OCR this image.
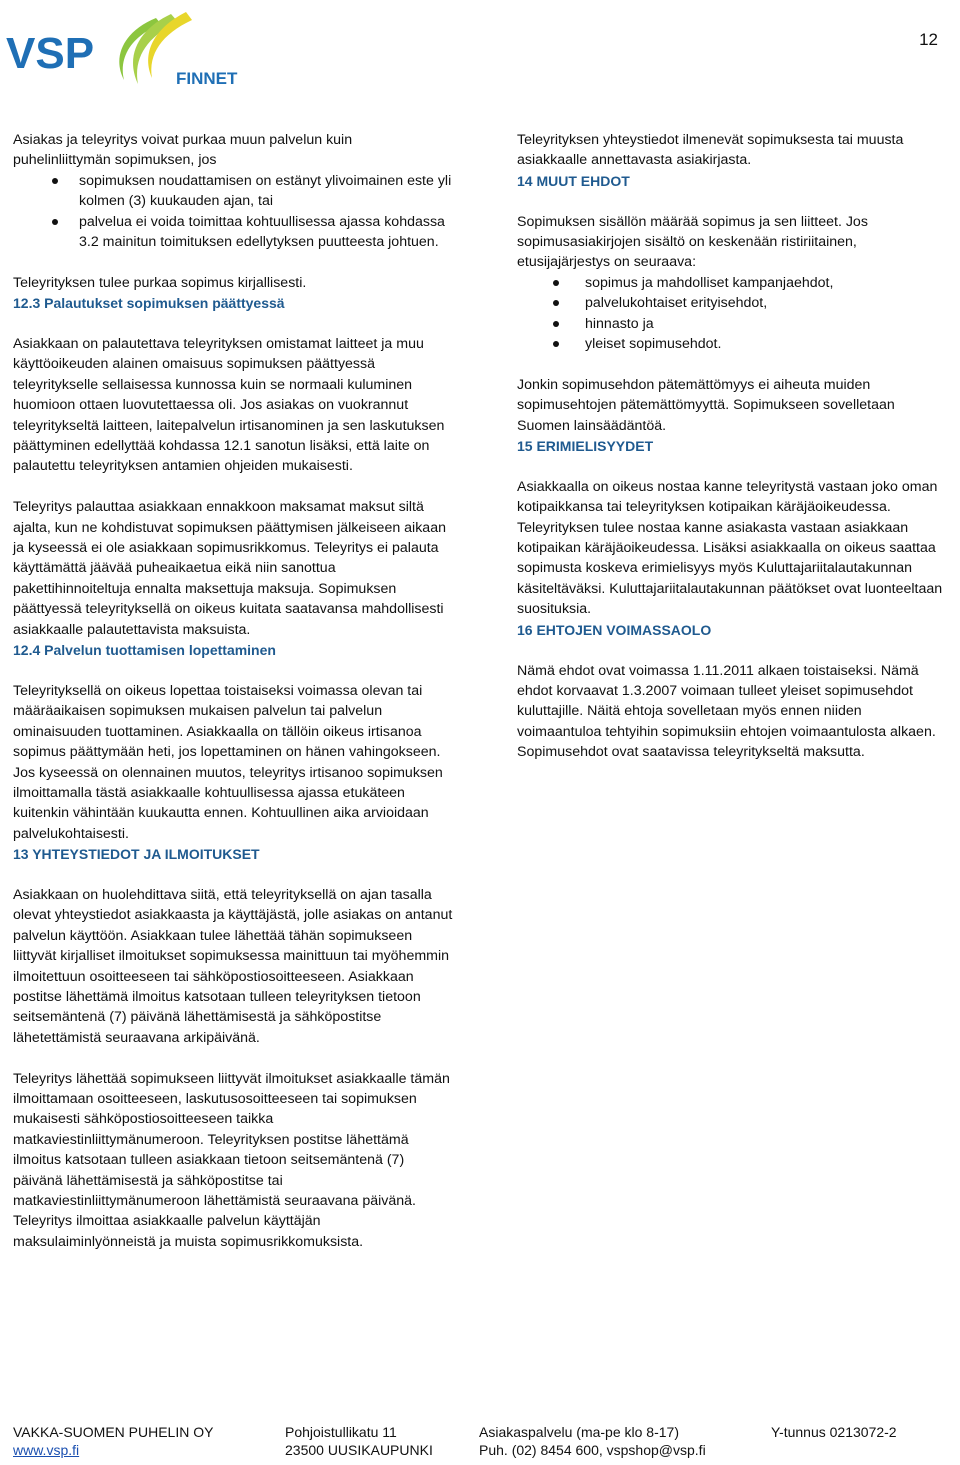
12
VSP
FINNET

Asiakas ja teleyritys voivat purkaa muun palvelun kuin puhelinliittymän sopimuksen, jos

sopimuksen noudattamisen on estänyt ylivoimainen este yli kolmen (3) kuukauden ajan, tai
palvelua ei voida toimittaa kohtuullisessa ajassa kohdassa 3.2 mainitun toimituksen edellytyksen puutteesta johtuen.

Teleyrityksen tulee purkaa sopimus kirjallisesti.

12.3 Palautukset sopimuksen päättyessä

Asiakkaan on palautettava teleyrityksen omistamat laitteet ja muu käyttöoikeuden alainen omaisuus sopimuksen päättyessä teleyritykselle sellaisessa kunnossa kuin se normaali kuluminen huomioon ottaen luovutettaessa oli. Jos asiakas on vuokrannut teleyritykseltä laitteen, laitepalvelun irtisanominen ja sen laskutuksen päättyminen edellyttää kohdassa 12.1 sanotun lisäksi, että laite on palautettu teleyrityksen antamien ohjeiden mukaisesti.

Teleyritys palauttaa asiakkaan ennakkoon maksamat maksut siltä ajalta, kun ne kohdistuvat sopimuksen päättymisen jälkeiseen aikaan ja kyseessä ei ole asiakkaan sopimusrikkomus. Teleyritys ei palauta käyttämättä jäävää puheaikaetua eikä niin sanottua pakettihinnoiteltuja ennalta maksettuja maksuja. Sopimuksen päättyessä teleyrityksellä on oikeus kuitata saatavansa mahdollisesti asiakkaalle palautettavista maksuista.

12.4 Palvelun tuottamisen lopettaminen

Teleyrityksellä on oikeus lopettaa toistaiseksi voimassa olevan tai määräaikaisen sopimuksen mukaisen palvelun tai palvelun ominaisuuden tuottaminen. Asiakkaalla on tällöin oikeus irtisanoa sopimus päättymään heti, jos lopettaminen on hänen vahingokseen. Jos kyseessä on olennainen muutos, teleyritys irtisanoo sopimuksen ilmoittamalla tästä asiakkaalle kohtuullisessa ajassa etukäteen kuitenkin vähintään kuukautta ennen. Kohtuullinen aika arvioidaan palvelukohtaisesti.

13 YHTEYSTIEDOT JA ILMOITUKSET

Asiakkaan on huolehdittava siitä, että teleyrityksellä on ajan tasalla olevat yhteystiedot asiakkaasta ja käyttäjästä, jolle asiakas on antanut palvelun käyttöön. Asiakkaan tulee lähettää tähän sopimukseen liittyvät kirjalliset ilmoitukset sopimuksessa mainittuun tai myöhemmin ilmoitettuun osoitteeseen tai sähköpostiosoitteeseen. Asiakkaan postitse lähettämä ilmoitus katsotaan tulleen teleyrityksen tietoon seitsemäntenä (7) päivänä lähettämisestä ja sähköpostitse lähetettämistä seuraavana arkipäivänä.

Teleyritys lähettää sopimukseen liittyvät ilmoitukset asiakkaalle tämän ilmoittamaan osoitteeseen, laskutusosoitteeseen tai sopimuksen mukaisesti sähköpostiosoitteeseen taikka matkaviestinliittymänumeroon. Teleyrityksen postitse lähettämä ilmoitus katsotaan tulleen asiakkaan tietoon seitsemäntenä (7) päivänä lähettämisestä ja sähköpostitse tai matkaviestinliittymänumeroon lähettämistä seuraavana päivänä. Teleyritys ilmoittaa asiakkaalle palvelun käyttäjän maksulaiminlyönneistä ja muista sopimusrikkomuksista.

Teleyrityksen yhteystiedot ilmenevät sopimuksesta tai muusta asiakkaalle annettavasta asiakirjasta.

14 MUUT EHDOT

Sopimuksen sisällön määrää sopimus ja sen liitteet. Jos sopimusasiakirjojen sisältö on keskenään ristiriitainen, etusijajärjestys on seuraava:

sopimus ja mahdolliset kampanjaehdot,
palvelukohtaiset erityisehdot,
hinnasto ja
yleiset sopimusehdot.

Jonkin sopimusehdon pätemättömyys ei aiheuta muiden sopimusehtojen pätemättömyyttä. Sopimukseen sovelletaan Suomen lainsäädäntöä.

15 ERIMIELISYYDET

Asiakkaalla on oikeus nostaa kanne teleyritystä vastaan joko oman kotipaikkansa tai teleyrityksen kotipaikan käräjäoikeudessa. Teleyrityksen tulee nostaa kanne asiakasta vastaan asiakkaan kotipaikan käräjäoikeudessa. Lisäksi asiakkaalla on oikeus saattaa sopimusta koskeva erimielisyys myös Kuluttajariitalautakunnan käsiteltäväksi. Kuluttajariitalautakunnan päätökset ovat luonteeltaan suosituksia.

16 EHTOJEN VOIMASSAOLO

Nämä ehdot ovat voimassa 1.11.2011 alkaen toistaiseksi. Nämä ehdot korvaavat 1.3.2007 voimaan tulleet yleiset sopimusehdot kuluttajille. Näitä ehtoja sovelletaan myös ennen niiden voimaantuloa tehtyihin sopimuksiin ehtojen voimaantulosta alkaen. Sopimusehdot ovat saatavissa teleyritykseltä maksutta.

VAKKA-SUOMEN PUHELIN OY
www.vsp.fi
Pohjoistullikatu 11
23500 UUSIKAUPUNKI
Asiakaspalvelu (ma-pe klo 8-17)
Puh. (02) 8454 600, vspshop@vsp.fi
Y-tunnus 0213072-2
